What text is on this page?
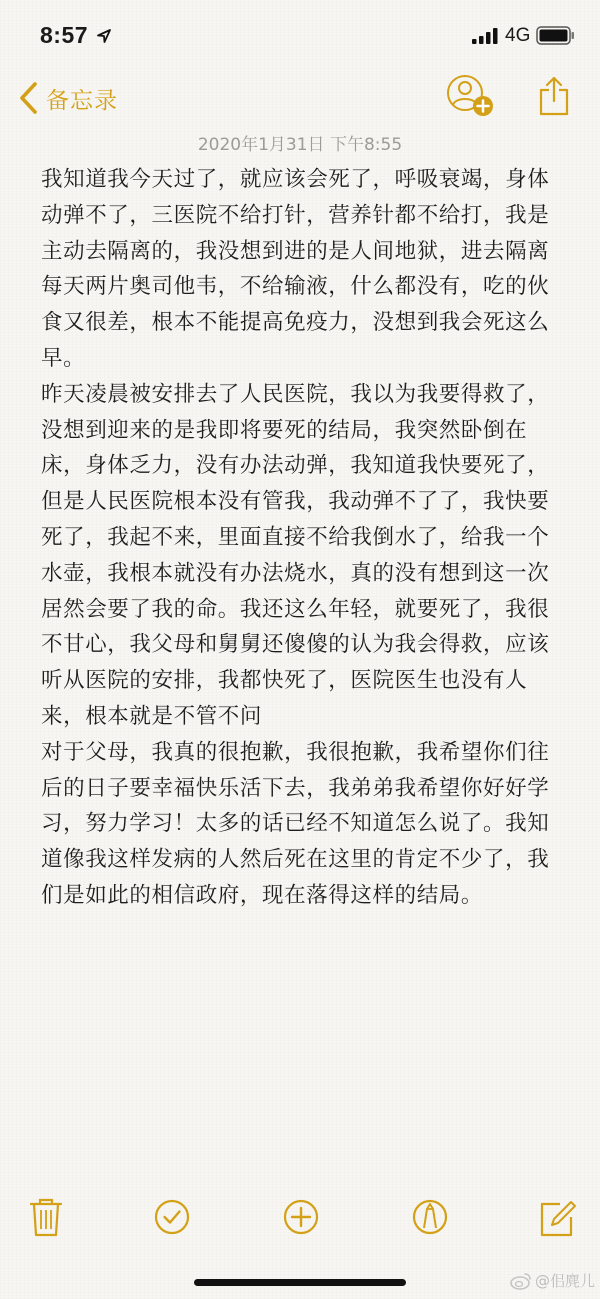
8:57	4G
备忘录
2020年1月31日 下午8:55

我知道我今天过了，就应该会死了，呼吸衰竭，身体动弹不了，三医院不给打针，营养针都不给打，我是主动去隔离的，我没想到进的是人间地狱，进去隔离每天两片奥司他韦，不给输液，什么都没有，吃的伙食又很差，根本不能提高免疫力，没想到我会死这么早。

昨天凌晨被安排去了人民医院，我以为我要得救了，没想到迎来的是我即将要死的结局，我突然卧倒在床，身体乏力，没有办法动弹，我知道我快要死了，但是人民医院根本没有管我，我动弹不了了，我快要死了，我起不来，里面直接不给我倒水了，给我一个水壶，我根本就没有办法烧水，真的没有想到这一次居然会要了我的命。我还这么年轻，就要死了，我很不甘心，我父母和舅舅还傻傻的认为我会得救，应该听从医院的安排，我都快死了，医院医生也没有人来，根本就是不管不问

对于父母，我真的很抱歉，我很抱歉，我希望你们往后的日子要幸福快乐活下去，我弟弟我希望你好好学习，努力学习！太多的话已经不知道怎么说了。我知道像我这样发病的人然后死在这里的肯定不少了，我们是如此的相信政府，现在落得这样的结局。

@佀麂儿
